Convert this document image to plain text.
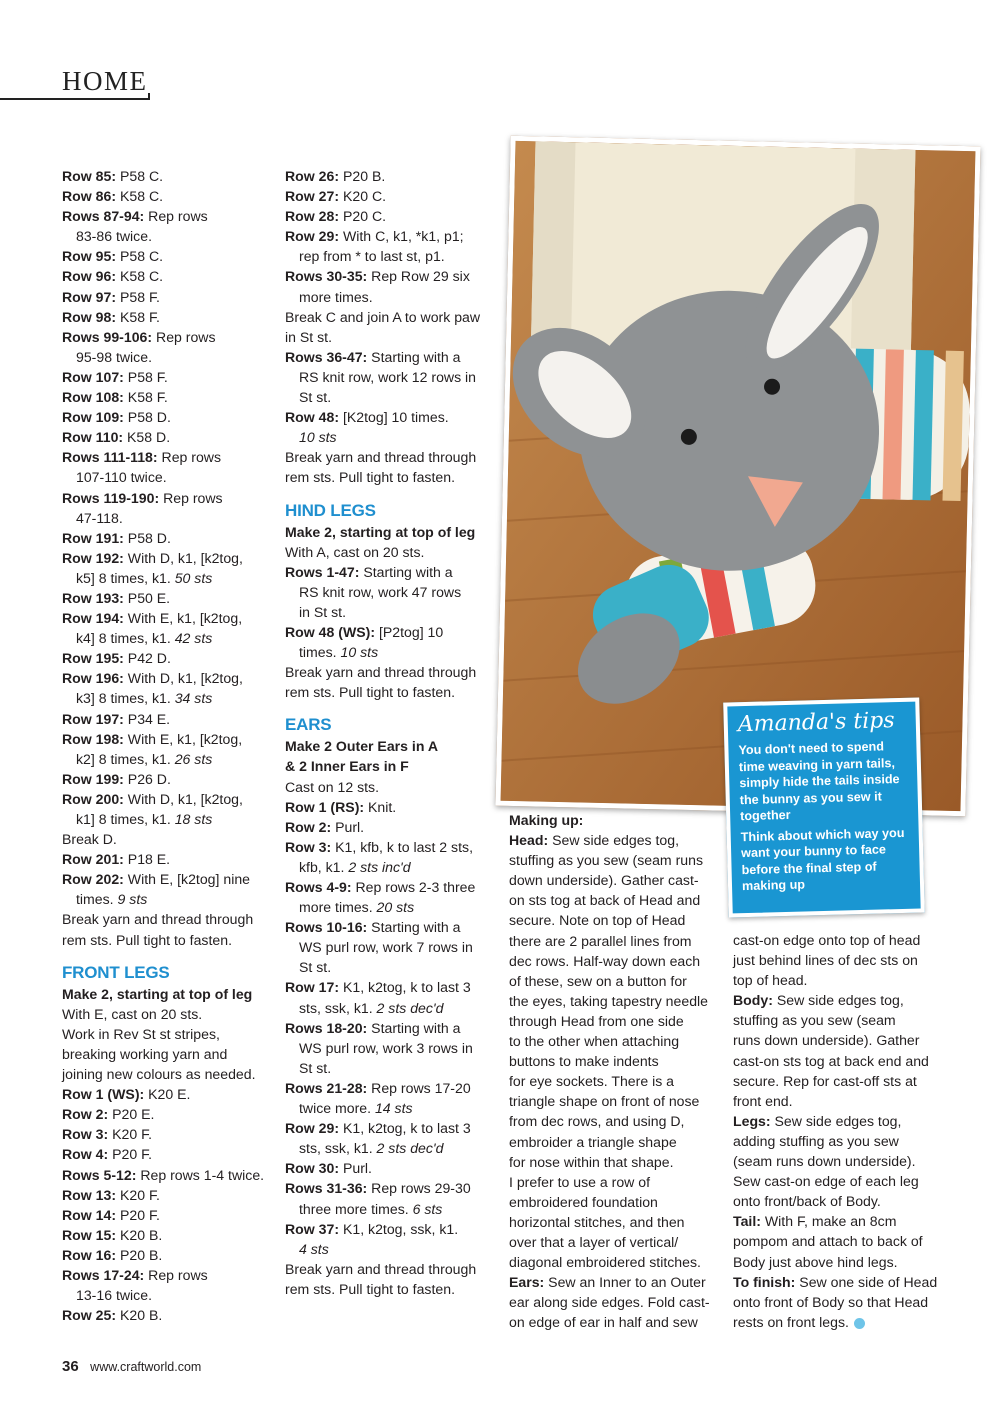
HOME

Row 85: P58 C.

Row 86: K58 C.

Rows 87-94: Rep rows

83-86 twice.

Row 95: P58 C.

Row 96: K58 C.

Row 97: P58 F.

Row 98: K58 F.

Rows 99-106: Rep rows

95-98 twice.

Row 107: P58 F.

Row 108: K58 F.

Row 109: P58 D.

Row 110: K58 D.

Rows 111-118: Rep rows

107-110 twice.

Rows 119-190: Rep rows

47-118.

Row 191: P58 D.

Row 192: With D, k1, [k2tog,

k5] 8 times, k1. 50 sts

Row 193: P50 E.

Row 194: With E, k1, [k2tog,

k4] 8 times, k1. 42 sts

Row 195: P42 D.

Row 196: With D, k1, [k2tog,

k3] 8 times, k1. 34 sts

Row 197: P34 E.

Row 198: With E, k1, [k2tog,

k2] 8 times, k1. 26 sts

Row 199: P26 D.

Row 200: With D, k1, [k2tog,

k1] 8 times, k1. 18 sts

Break D.

Row 201: P18 E.

Row 202: With E, [k2tog] nine

times. 9 sts

Break yarn and thread through

rem sts. Pull tight to fasten.

FRONT LEGS

Make 2, starting at top of leg

With E, cast on 20 sts.

Work in Rev St st stripes,

breaking working yarn and

joining new colours as needed.

Row 1 (WS): K20 E.

Row 2: P20 E.

Row 3: K20 F.

Row 4: P20 F.

Rows 5-12: Rep rows 1-4 twice.

Row 13: K20 F.

Row 14: P20 F.

Row 15: K20 B.

Row 16: P20 B.

Rows 17-24: Rep rows

13-16 twice.

Row 25: K20 B.

Row 26: P20 B.

Row 27: K20 C.

Row 28: P20 C.

Row 29: With C, k1, *k1, p1;

rep from * to last st, p1.

Rows 30-35: Rep Row 29 six

more times.

Break C and join A to work paw

in St st.

Rows 36-47: Starting with a

RS knit row, work 12 rows in

St st.

Row 48: [K2tog] 10 times.

10 sts

Break yarn and thread through

rem sts. Pull tight to fasten.

HIND LEGS

Make 2, starting at top of leg

With A, cast on 20 sts.

Rows 1-47: Starting with a

RS knit row, work 47 rows

in St st.

Row 48 (WS): [P2tog] 10

times. 10 sts

Break yarn and thread through

rem sts. Pull tight to fasten.

EARS

Make 2 Outer Ears in A

& 2 Inner Ears in F

Cast on 12 sts.

Row 1 (RS): Knit.

Row 2: Purl.

Row 3: K1, kfb, k to last 2 sts,

kfb, k1. 2 sts inc'd

Rows 4-9: Rep rows 2-3 three

more times. 20 sts

Rows 10-16: Starting with a

WS purl row, work 7 rows in

St st.

Row 17: K1, k2tog, k to last 3

sts, ssk, k1. 2 sts dec'd

Rows 18-20: Starting with a

WS purl row, work 3 rows in

St st.

Rows 21-28: Rep rows 17-20

twice more. 14 sts

Row 29: K1, k2tog, k to last 3

sts, ssk, k1. 2 sts dec'd

Row 30: Purl.

Rows 31-36: Rep rows 29-30

three more times. 6 sts

Row 37: K1, k2tog, ssk, k1.

4 sts

Break yarn and thread through

rem sts. Pull tight to fasten.

Amanda's tips

You don't need to spend time weaving in yarn tails, simply hide the tails inside the bunny as you sew it together

Think about which way you want your bunny to face before the final step of making up

Making up:

Head: Sew side edges tog,

stuffing as you sew (seam runs

down underside). Gather cast-

on sts tog at back of Head and

secure. Note on top of Head

there are 2 parallel lines from

dec rows. Half-way down each

of these, sew on a button for

the eyes, taking tapestry needle

through Head from one side

to the other when attaching

buttons to make indents

for eye sockets. There is a

triangle shape on front of nose

from dec rows, and using D,

embroider a triangle shape

for nose within that shape.

I prefer to use a row of

embroidered foundation

horizontal stitches, and then

over that a layer of vertical/

diagonal embroidered stitches.

Ears: Sew an Inner to an Outer

ear along side edges. Fold cast-

on edge of ear in half and sew

cast-on edge onto top of head

just behind lines of dec sts on

top of head.

Body: Sew side edges tog,

stuffing as you sew (seam

runs down underside). Gather

cast-on sts tog at back end and

secure. Rep for cast-off sts at

front end.

Legs: Sew side edges tog,

adding stuffing as you sew

(seam runs down underside).

Sew cast-on edge of each leg

onto front/back of Body.

Tail: With F, make an 8cm

pompom and attach to back of

Body just above hind legs.

To finish: Sew one side of Head

onto front of Body so that Head

rests on front legs.

36 www.craftworld.com
